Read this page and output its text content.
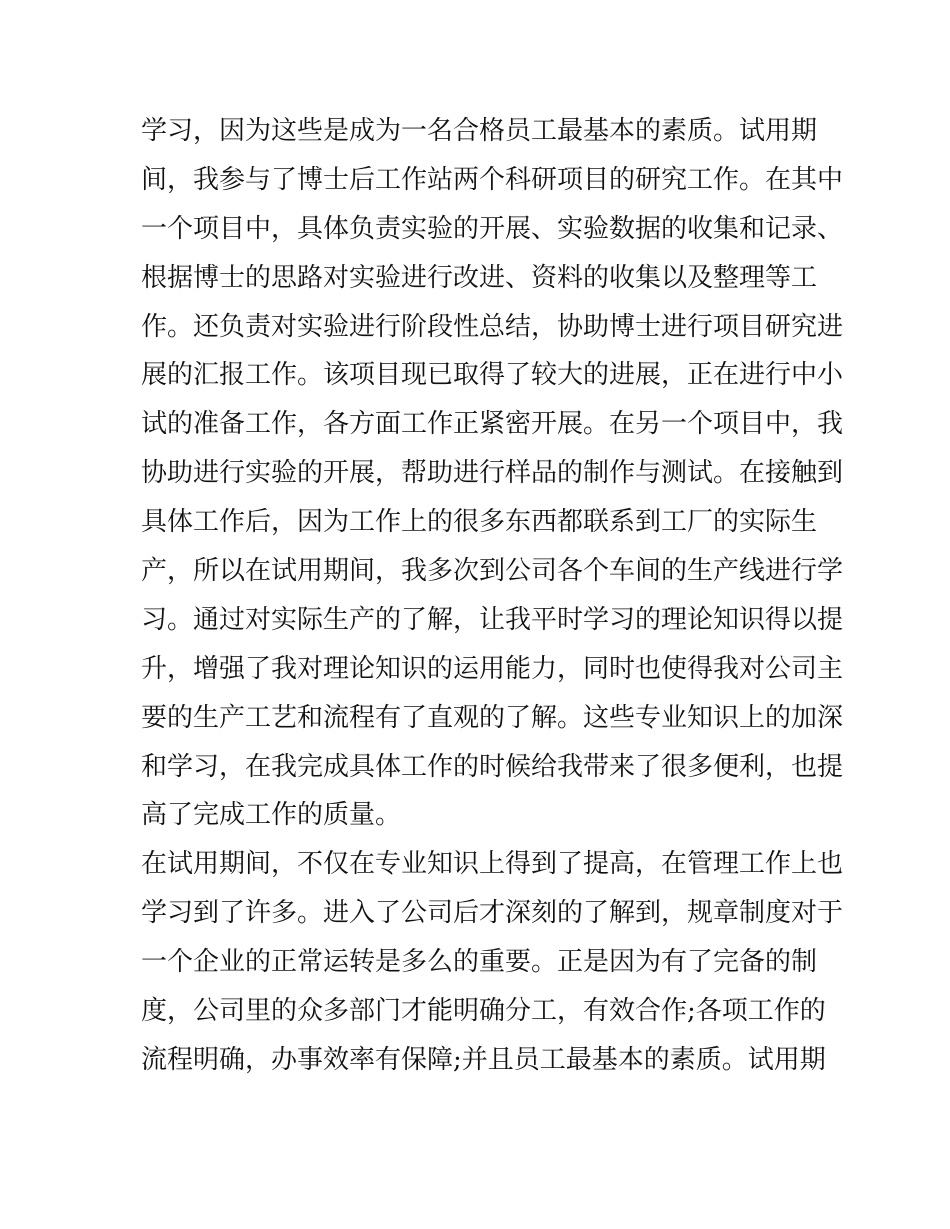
学习，因为这些是成为一名合格员工最基本的素质。试用期
间，我参与了博士后工作站两个科研项目的研究工作。在其中
一个项目中，具体负责实验的开展、实验数据的收集和记录、
根据博士的思路对实验进行改进、资料的收集以及整理等工
作。还负责对实验进行阶段性总结，协助博士进行项目研究进
展的汇报工作。该项目现已取得了较大的进展，正在进行中小
试的准备工作，各方面工作正紧密开展。在另一个项目中，我
协助进行实验的开展，帮助进行样品的制作与测试。在接触到
具体工作后，因为工作上的很多东西都联系到工厂的实际生
产，所以在试用期间，我多次到公司各个车间的生产线进行学
习。通过对实际生产的了解，让我平时学习的理论知识得以提
升，增强了我对理论知识的运用能力，同时也使得我对公司主
要的生产工艺和流程有了直观的了解。这些专业知识上的加深
和学习，在我完成具体工作的时候给我带来了很多便利，也提
高了完成工作的质量。
在试用期间，不仅在专业知识上得到了提高，在管理工作上也
学习到了许多。进入了公司后才深刻的了解到，规章制度对于
一个企业的正常运转是多么的重要。正是因为有了完备的制
度，公司里的众多部门才能明确分工，有效合作;各项工作的
流程明确，办事效率有保障;并且员工最基本的素质。试用期
